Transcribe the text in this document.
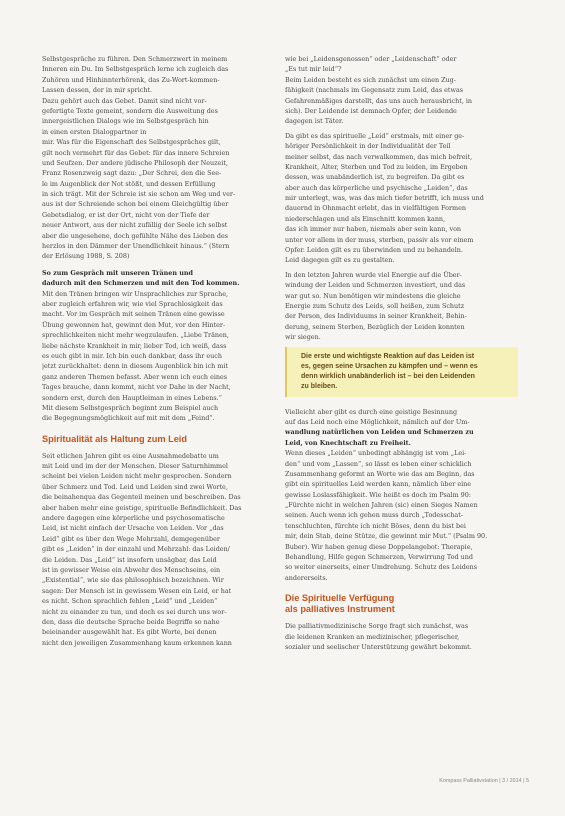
Selbstgespräche zu führen. Den Schmerzwert in meinem
Inneren ein Du. Im Selbstgespräch lerne ich zugleich das
Zuhören und Hinhinnterhörenk, das Zu-Wort-kommen-
Lassen dessen, der in mir spricht.
Dazu gehört auch das Gebet. Damit sind nicht vor-
gefertigte Texte gemeint, sondern die Ausweitung des
innergeistlichen Dialogs wie im Selbstgespräch hin
in einen ersten Dialogpartner in
mir. Was für die Eigenschaft des Selbstgespräches gilt,
gilt noch vermehrt für das Gebet: für das innere Schreien
und Seufzen. Der andere jüdische Philosoph der Neuzeit,
Franz Rosenzweig sagt dazu: „Der Schrei, den die See-
le im Augenblick der Not stößt, und dessen Erfüllung
in sich trägt. Mit der Schreie ist sie schon am Weg und ver-
aus ist der Schreiende schon bei einem Gleichgültig über
Gebetsdialog, er ist der Ort, nicht von der Tiefe der
neuer Antwort, aus der nicht zufällig der Seele ich selbst
aber die ungesehene, doch gefühlte Nähe des Lieben des
herzlos in den Dämmer der Unendlichkeit hinaus.“ (Stern
der Erlösung 1988, S. 208)
So zum Gespräch mit unseren Tränen und
dadurch mit den Schmerzen und mit den Tod kommen.
Mit den Tränen bringen wir Unsprachliches zur Sprache,
aber zugleich erfahren wir, wie viel Sprachlosigkeit das
macht. Vor im Gespräch mit seinen Tränen eine gewisse
Übung gewonnen hat, gewinnt den Mut, vor den Hinter-
sprechlichkeiten nicht mehr wegzulaufen. „Liebe Tränen,
liebe nächste Krankheit in mir, lieber Tod, ich weiß, dass
es euch gibt in mir. Ich bin euch dankbar, dass ihr euch
jetzt zurückhaltet: denn in diesem Augenblick bin ich mit
ganz anderen Themen befasst. Aber wenn ich euch eines
Tages brauche, dann kommt, nicht vor Dahe in der Nacht,
sondern erst, durch den Hauptleiman in eines Lebens.“
Mit diesem Selbstgespräch beginnt zum Beispiel auch
die Begegnungsmöglichkeit auf mit mit dem „Feind“.
Spiritualität als Haltung zum Leid
Seit etlichen Jahren gibt es eine Ausnahmedebatte um
mit Leid und im der der Menschen. Dieser Saturnhimmel
scheint bei vielen Leiden nicht mehr gesprochen. Sondern
über Schmerz und Tod. Leid und Leiden sind zwei Worte,
die beinahenqua das Gegenteil meinen und beschreiben. Das
aber haben mehr eine geistige, spirituelle Befindlichkeit. Das
andere dagegen eine körperliche und psychosomatische
Leid, ist nicht einfach der Ursache von Leiden. Vor „das
Leid“ gibt es über den Wege Mehrzahl, demgegenüber
gibt es „Leiden“ in der einzahl und Mehrzahl: das Leiden/
die Leiden. Das „Leid“ ist insofern unsägbar, das Leid
ist in gewisser Weise ein Abwehr des Menschseins, ein
„Existential“, wie sie das philosophisch bezeichnen. Wir
sagen: Der Mensch ist in gewissem Wesen ein Leid, er hat
es nicht. Schon sprachlich fehlen „Leid“ und „Leiden“
nicht zu einander zu tun, und doch es sei durch uns wor-
den, dass die deutsche Sprache beide Begriffe so nahe
beieinander ausgewählt hat. Es gibt Worte, bei denen
nicht den jeweiligen Zusammenhang kaum erkennen kann
wie bei „Leidensgenossen“ oder „Leidenschaft“ oder
„Es tut mir leid“?
Beim Leiden besteht es sich zunächst um einen Zug-
fähigkeit (nachmals im Gegensatz zum Leid, das etwas
Gefahrenmäßiges darstellt, das uns auch herausbricht, in
sich). Der Leidende ist demnach Opfer, der Leidende
dagegen ist Täter.
Da gibt es das spirituelle „Leid“ erstmals, mit einer ge-
höriger Persönlichkeit in der Individualität der Teil
meiner selbst, das nach verwalkommen, das mich befreit,
Krankheit, Alter, Sterben und Tod zu leiden, im Ergeben
dessen, was unabänderlich ist, zu begreifen. Da gibt es
aber auch das körperliche und psychische „Leiden“, das
mir unterlegt, was, was das mich tiefer betrifft, ich muss und
dauernd in Ohnmacht erlebt, das in vielfältigen Formen
niederschlagen und als Einschnitt kommen kann,
das ich immer nur haben, niemals aber sein kann, von
unter vor allem in der muss, sterben, passiv als vor einem
Opfer. Leiden gilt es zu überwinden und zu behandeln.
Leid dagegen gilt es zu gestalten.
In den letzten Jahren wurde viel Energie auf die Über-
windung der Leiden und Schmerzen investiert, und das
war gut so. Nun benötigen wir mindestens die gleiche
Energie zum Schutz des Leids, soll heißen, zum Schutz
der Person, des Individuums in seiner Krankheit, Behin-
derung, seinem Sterben, Bezüglich der Leiden konnten
wir siegen.
Die erste und wichtigste Reaktion auf das Leiden ist
es, gegen seine Ursachen zu kämpfen und – wenn es
denn wirklich unabänderlich ist – bei den Leidenden
zu bleiben.
Vielleicht aber gibt es durch eine geistige Besinnung
auf das Leid noch eine Möglichkeit, nämlich auf der Um-
wandlung natürlichen von Leiden und Schmerzen zu
Leid, von Knechtschaft zu Freiheit.
Wenn dieses „Leiden“ unbedingt abhängig ist vom „Lei-
den“ und vom „Lassen“, so lässt es leben einer schicklich
Zusammenhang geformt an Worte wie das am Beginn, das
gibt ein spirituelles Leid werden kann, nämlich über eine
gewisse Loslassfähigkeit. Wie heißt es doch im Psalm 90:
„Fürchte nicht in welchen Jahren (sic) einen Sieges Namen
seinen. Auch wenn ich gehen muss durch „Todesschat-
tenschluchten, fürchte ich nicht Böses, denn du bist bei
mir, dein Stab, deine Stütze, die gewinnt mir Mut.“ (Psalm 90.
Buber). Wir haben genug diese Doppelangebot: Therapie,
Behandlung, Hilfe gegen Schmerzen, Verwirrung Tod und
so weiter einerseits, einer Umdrehung. Schutz des Leidens
andererseits.
Die Spirituelle Verfügung
als palliatives Instrument
Die palliativmedizinische Sorge fragt sich zunächst, was
die leidenen Kranken an medizinischer, pflegerischer,
sozialer und seelischer Unterstützung gewährt bekommt.
Kompass Palliativstation | 3 / 2014 | 5
